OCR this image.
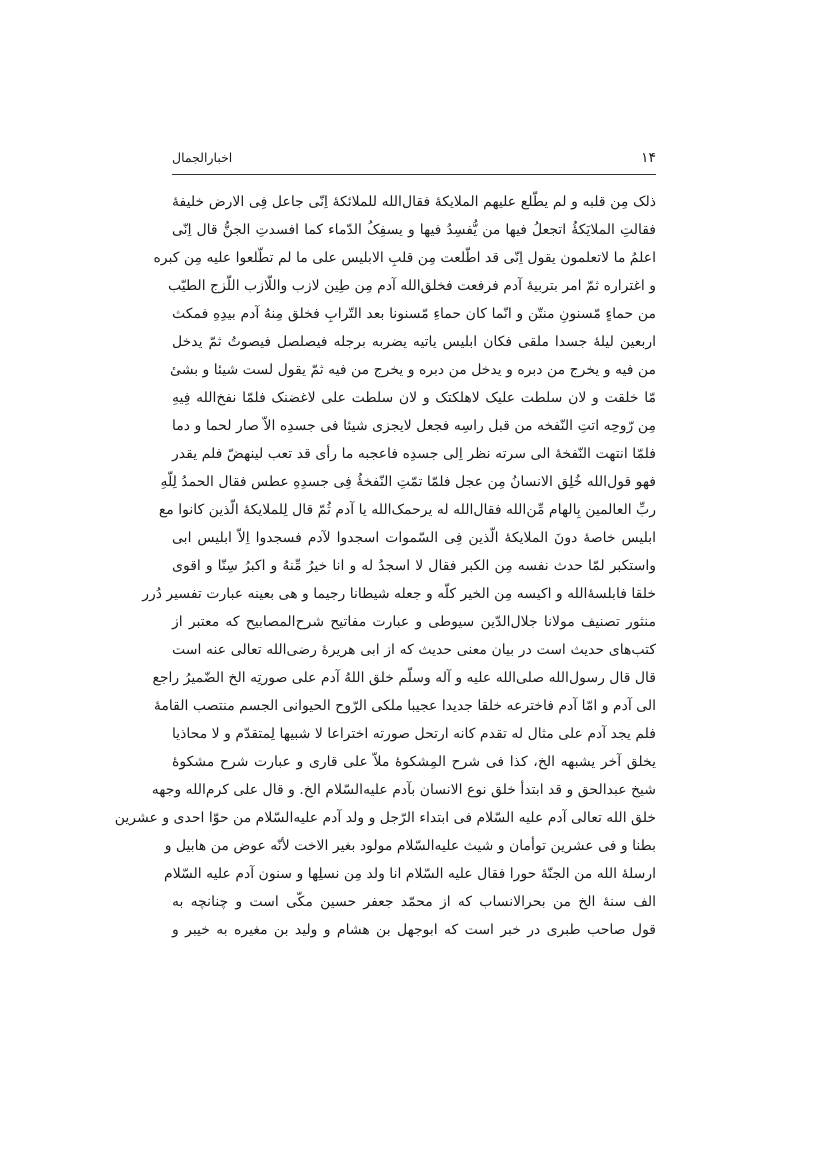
۱۴
اخبارالجمال
ذلک مِن قلبه و لم یطّلع علیهم الملایکهٔ فقال‌الله للملائکهٔ اِنّی جاعل فِی الارض خلیفهٔ
فقالتِ الملایَکهُٔ اتجعلُ فیها من یُّفسِدُ فیها و یسفِکُ الدّماء کما افسدتِ الجنُّ قال اِنّی
اعلمُ ما لاتعلمون یقول اِنّی قد اطّلعت مِن قلبِ الابلیس علی ما لم تطّلعوا علیه مِن کبره
و اغتراره ثمّ امر بتربیهٔ آدم فرفعت فخلق‌الله آدم مِن طِین لازب واللّازب اللّزج الطیّب
من حماءٍ مّسنونِ منتّن و انّما کان حماءِ مّسنونا بعد التّرابِ فخلق مِنهُ آدم بیدِهِ فمکث
اربعین لیلهٔ جسدا ملقی فکان ابلیس یاتیه یضربه برجله فیصلصل فیصوتُ ثمّ یدخل
من فیه و یخرج من دبره و یدخل من دبره و یخرج من فیه ثمّ یقول لست شیئا و بشیٔ
مّا خلقت و لان سلطت علیک لاهلکتک و لان سلطت علی لاغضنک فلمّا نفخ‌الله فِیهِ
مِن رّوحِه اتتِ النّفخه من قبل راسِه فجعل لایجزی شیئا فی جسدِه الاّ صار لحما و دما
فلمّا انتهت النّفخهٔ الی سرته نظر اِلی جسدِه فاعجبه ما رأی قد تعب لینهضّ فلم یقدر
فهو قول‌الله خُلِق الانسانُ مِن عجل فلمّا تمّتِ النّفخهُٔ فِی جسدِهِ عطس فقال الحمدُ لِلّهِ
ربِّ العالمین بِالهام مِّن‌الله فقال‌الله له یرحمک‌الله یا آدم ثُمّ قال لِلملایکهٔ الّذین کانوا مع
ابلیس خاصهٔ دونَ الملایکهٔ الّذین فِی السّموات اسجدوا لآدم فسجدوا اِلاّ ابلیس ابی
واستکبر لمّا حدث نفسه مِن الکبر فقال لا اسجدُ له و انا خیرُ مِّنهُ و اکبرُ سِنّا و اقوی
خلقا فابلسهٔ‌الله و اکیسه مِن الخیر کلّه و جعله شیطانا رجیما و هی بعینه عبارت تفسیر دُرر
منثور تصنیف مولانا جلال‌الدّین سیوطی و عبارت مفاتیح شرح‌المصابیح که معتبر از
کتب‌های حدیث است در بیان معنی حدیث که از ابی هریرهٔ رضی‌الله تعالی عنه است
قال قال رسول‌الله صلی‌الله علیه و آله وسلّم خلق اللهُ آدم علی صورتِه الخ الضّمیرُ راجع
الی آدم و امّا آدم فاخترعه خلقا جدیدا عجیبا ملکی الرّوح الحیوانی الجسم منتصب القامهٔ
فلم یجد آدم علی مثال له تقدم کانه ارتحل صورته اختراعا لا شبیها لِمتقدّم و لا محاذیا
یخلق آخر یشبهه الخ، کذا فی شرح المِشکوهٔ ملاّ علی قاری و عبارت شرح مشکوهٔ
شیخ عبدالحق و قد ابتدأ خلق نوع الانسان بآدم علیه‌السّلام الخ. و قال علی کرم‌الله وجهه
خلق الله تعالی آدم علیه السّلام فی ابتداء الرّجل و ولد آدم علیه‌السّلام من حوّا احدی و عشرین
بطنا و فی عشرین توأمان و شیث علیه‌السّلام مولود بغیر الاخت لأنّه عوض من هابیل و
ارسلهٔ الله من الجنّهٔ حورا فقال علیه السّلام انا ولد مِن نسلِها و سنون آدم علیه السّلام
الف سنهٔ الخ من بحرالانساب که از محمّد جعفر حسین مکّی است و چنانچه به
قول صاحب طبری در خبر است که ابوجهل بن هشام و ولید بن مغیره به خیبر و
